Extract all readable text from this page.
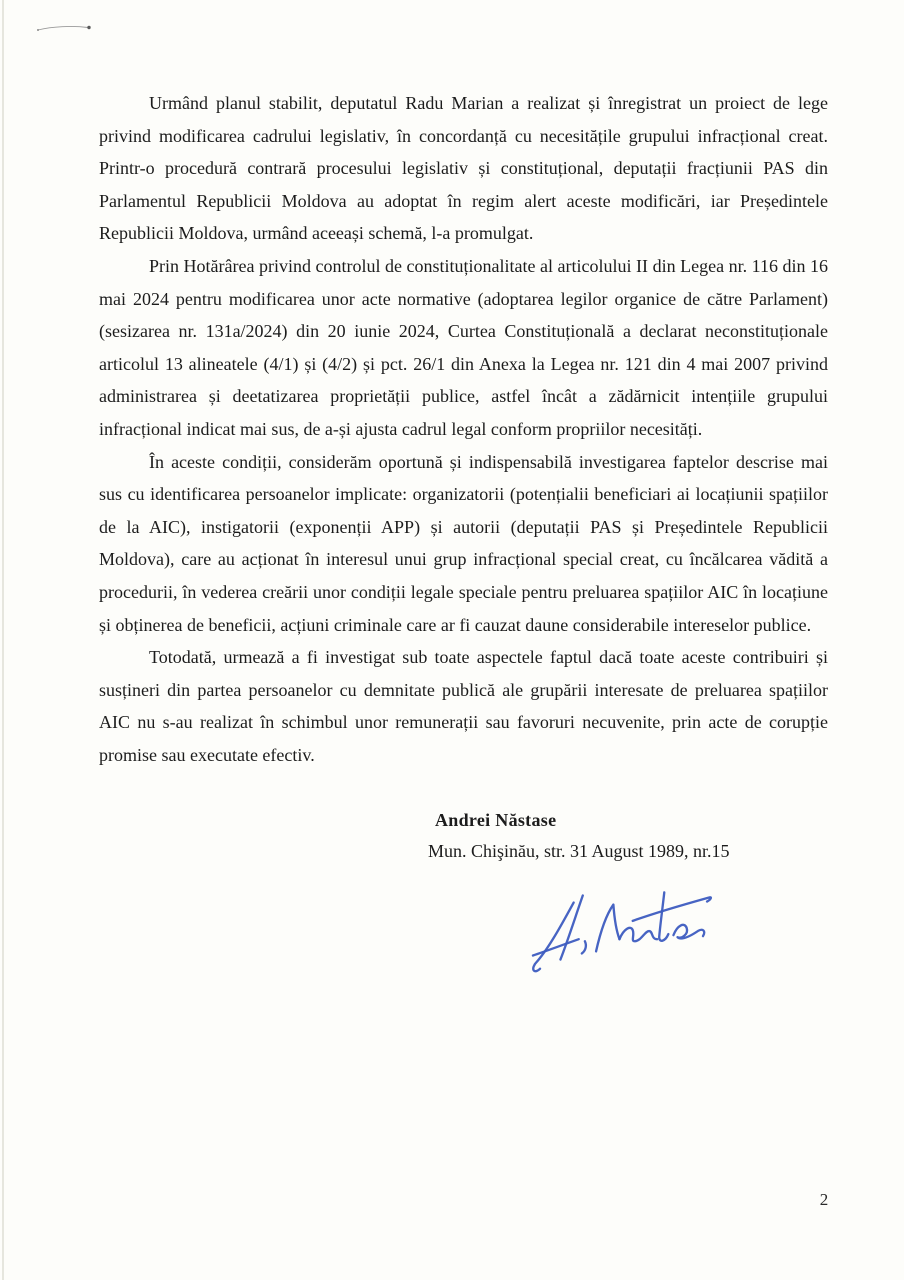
Urmând planul stabilit, deputatul Radu Marian a realizat și înregistrat un proiect de lege privind modificarea cadrului legislativ, în concordanță cu necesitățile grupului infracțional creat. Printr-o procedură contrară procesului legislativ și constituțional, deputații fracțiunii PAS din Parlamentul Republicii Moldova au adoptat în regim alert aceste modificări, iar Președintele Republicii Moldova, urmând aceeași schemă, l-a promulgat.

Prin Hotărârea privind controlul de constituționalitate al articolului II din Legea nr. 116 din 16 mai 2024 pentru modificarea unor acte normative (adoptarea legilor organice de către Parlament) (sesizarea nr. 131a/2024) din 20 iunie 2024, Curtea Constituțională a declarat neconstituționale articolul 13 alineatele (4/1) și (4/2) și pct. 26/1 din Anexa la Legea nr. 121 din 4 mai 2007 privind administrarea și deetatizarea proprietății publice, astfel încât a zădărnicit intențiile grupului infracțional indicat mai sus, de a-și ajusta cadrul legal conform propriilor necesități.

În aceste condiții, considerăm oportună și indispensabilă investigarea faptelor descrise mai sus cu identificarea persoanelor implicate: organizatorii (potențialii beneficiari ai locațiunii spațiilor de la AIC), instigatorii (exponenții APP) și autorii (deputații PAS și Președintele Republicii Moldova), care au acționat în interesul unui grup infracțional special creat, cu încălcarea vădită a procedurii, în vederea creării unor condiții legale speciale pentru preluarea spațiilor AIC în locațiune și obținerea de beneficii, acțiuni criminale care ar fi cauzat daune considerabile intereselor publice.

Totodată, urmează a fi investigat sub toate aspectele faptul dacă toate aceste contribuiri și susțineri din partea persoanelor cu demnitate publică ale grupării interesate de preluarea spațiilor AIC nu s-au realizat în schimbul unor remunerații sau favoruri necuvenite, prin acte de corupție promise sau executate efectiv.

Andrei Năstase
Mun. Chişinău, str. 31 August 1989, nr.15
2
